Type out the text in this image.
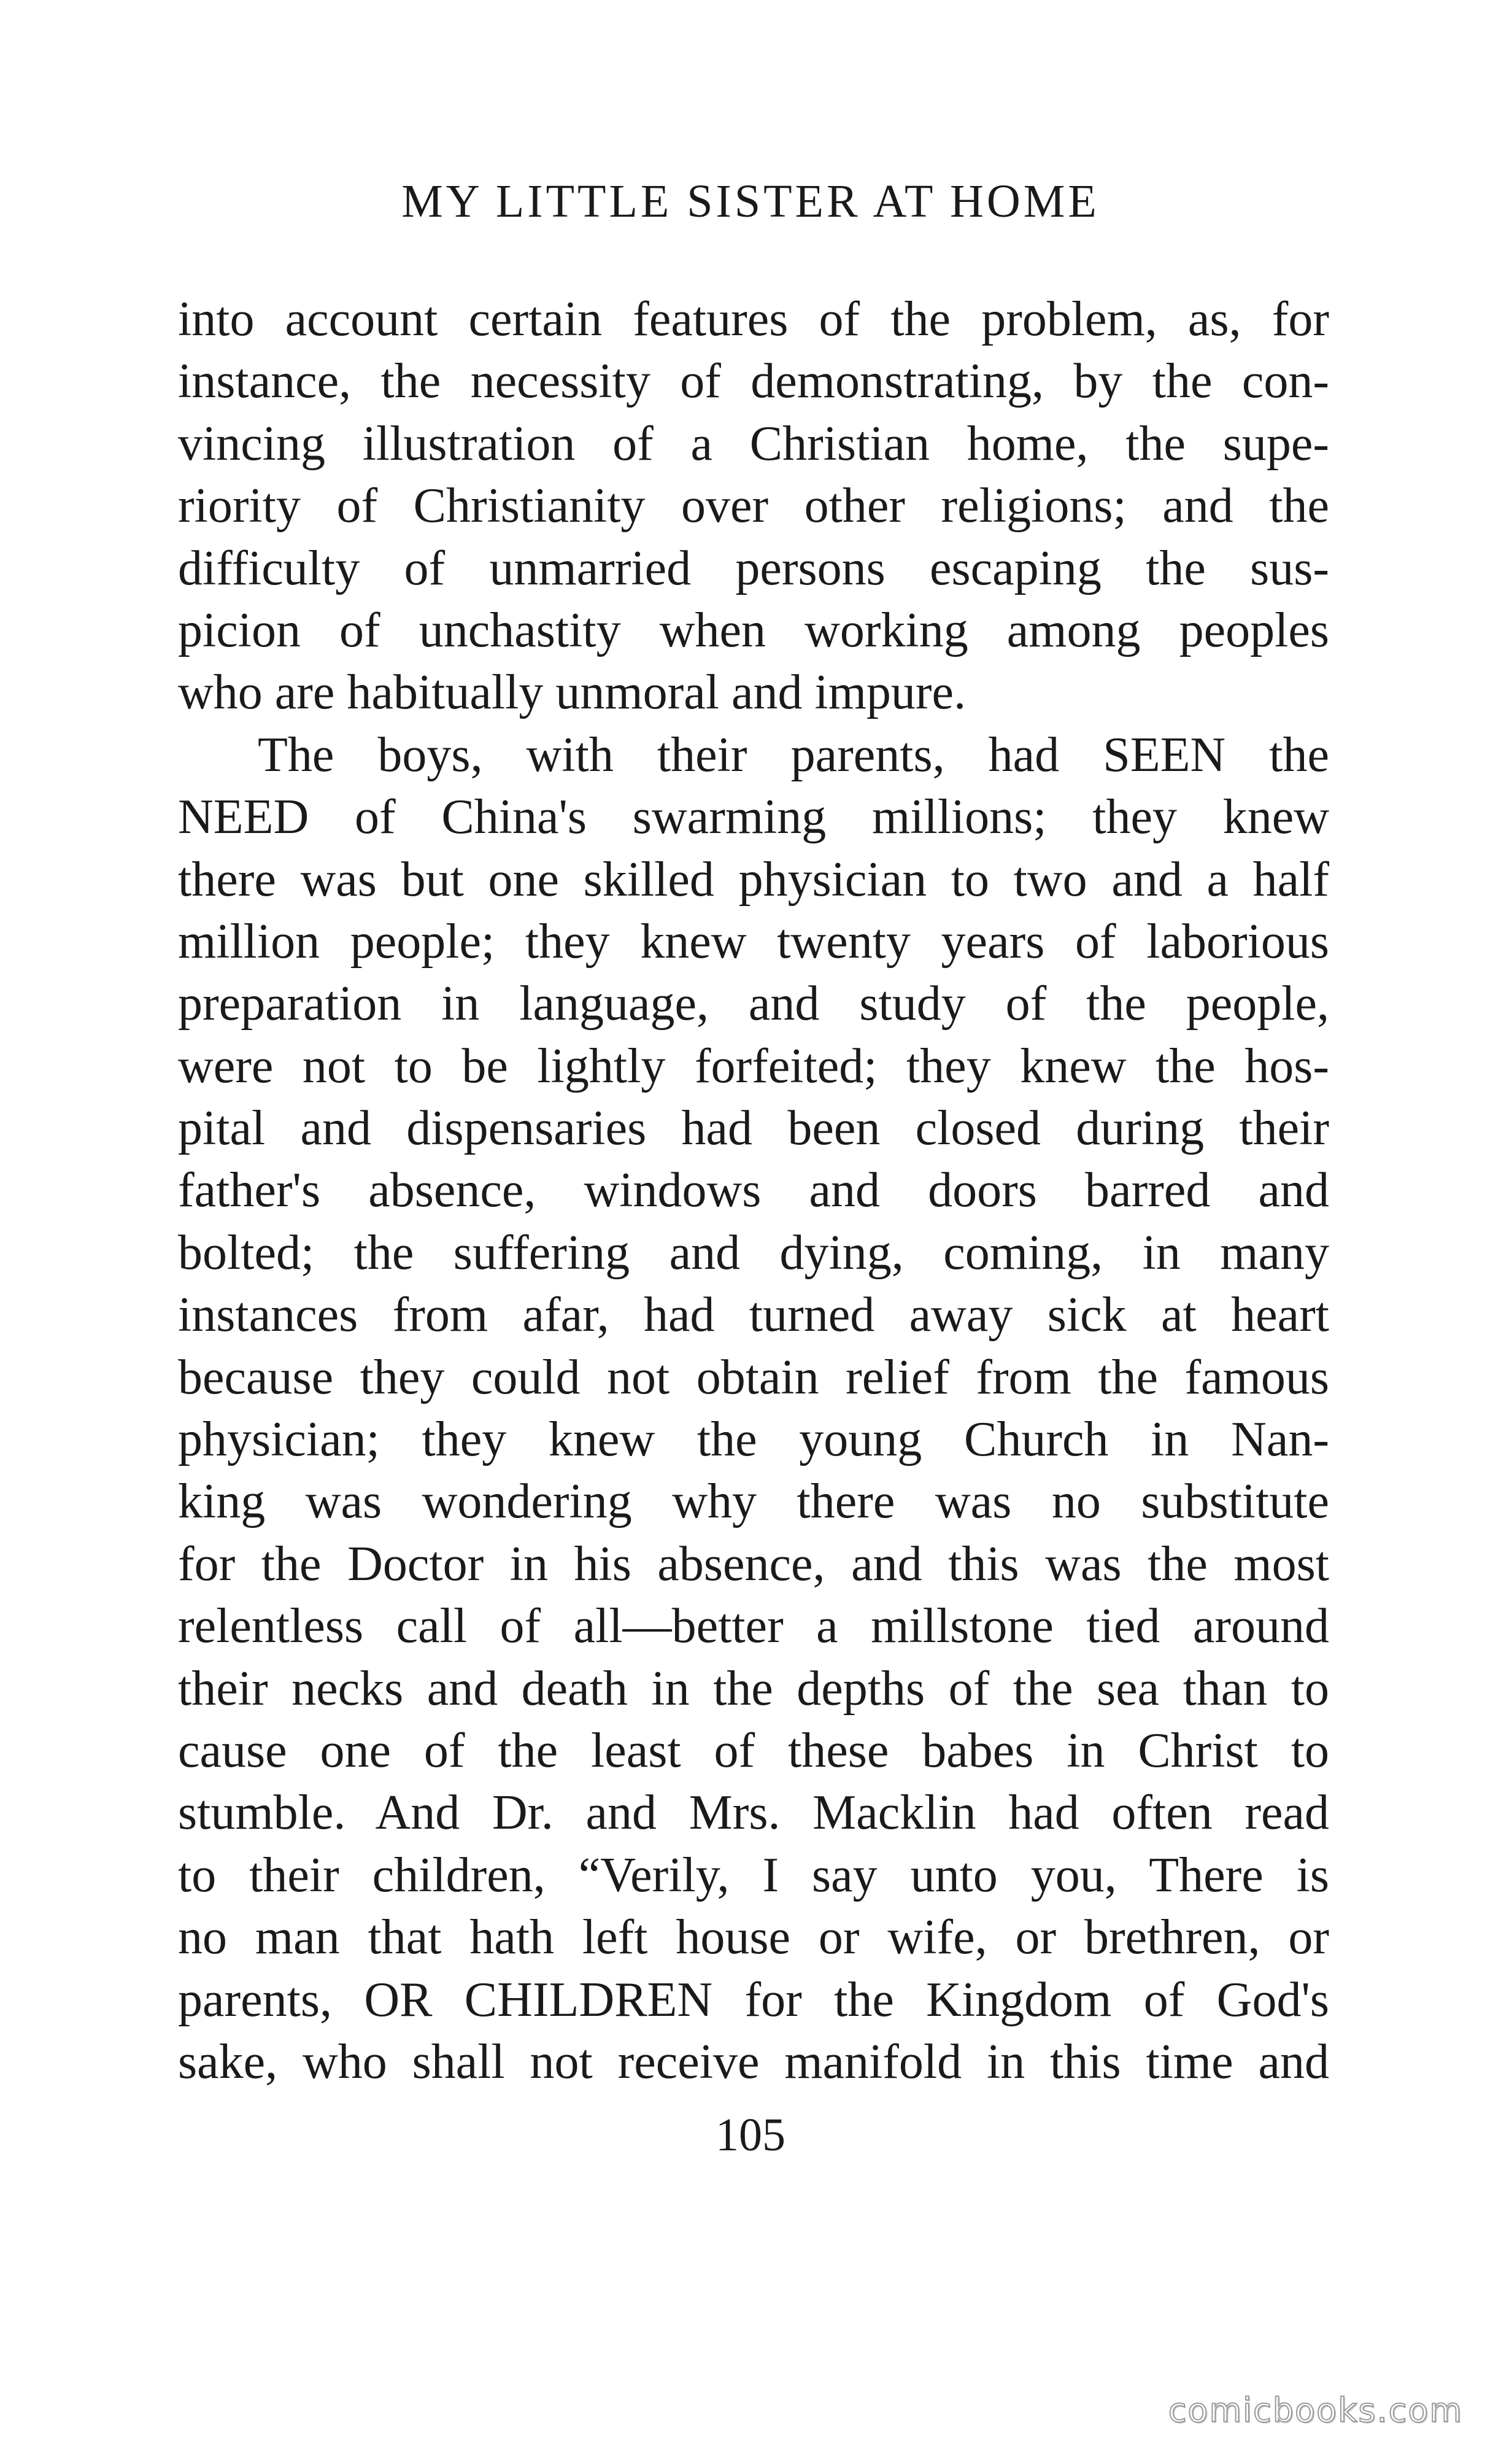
MY LITTLE SISTER AT HOME
into account certain features of the problem, as, for
instance, the necessity of demonstrating, by the con-
vincing illustration of a Christian home, the supe-
riority of Christianity over other religions; and the
difficulty of unmarried persons escaping the sus-
picion of unchastity when working among peoples
who are habitually unmoral and impure.
The boys, with their parents, had SEEN the
NEED of China's swarming millions; they knew
there was but one skilled physician to two and a half
million people; they knew twenty years of laborious
preparation in language, and study of the people,
were not to be lightly forfeited; they knew the hos-
pital and dispensaries had been closed during their
father's absence, windows and doors barred and
bolted; the suffering and dying, coming, in many
instances from afar, had turned away sick at heart
because they could not obtain relief from the famous
physician; they knew the young Church in Nan-
king was wondering why there was no substitute
for the Doctor in his absence, and this was the most
relentless call of all—better a millstone tied around
their necks and death in the depths of the sea than to
cause one of the least of these babes in Christ to
stumble. And Dr. and Mrs. Macklin had often read
to their children, “Verily, I say unto you, There is
no man that hath left house or wife, or brethren, or
parents, OR CHILDREN for the Kingdom of God's
sake, who shall not receive manifold in this time and
105
comicbooks.com
